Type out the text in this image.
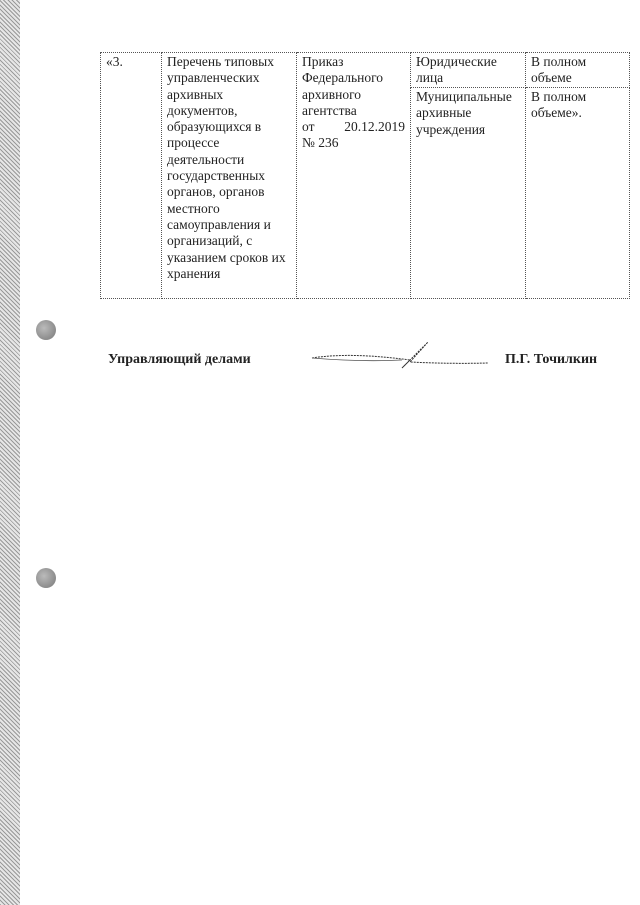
«3.	Перечень типовых управленческих архивных документов, образующихся в процессе деятельности государственных органов, органов местного самоуправления и организаций, с указанием сроков их хранения	Приказ Федерального архивного агентства
от 20.12.2019
№ 236	Юридические лица	В полном объеме
			Муниципальные архивные учреждения	В полном объеме».
Управляющий делами	П.Г. Точилкин
